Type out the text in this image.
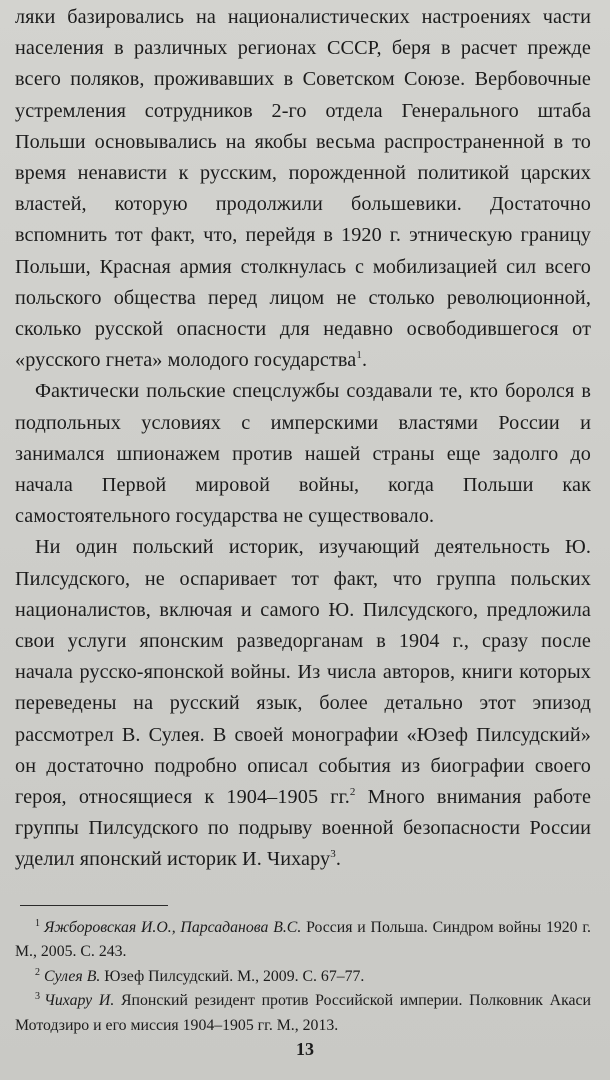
ляки базировались на националистических настроениях части населения в различных регионах СССР, беря в расчет прежде всего поляков, проживавших в Советском Союзе. Вербовочные устремления сотрудников 2-го отдела Генерального штаба Польши основывались на якобы весьма распространенной в то время ненависти к русским, порожденной политикой царских властей, которую продолжили большевики. Достаточно вспомнить тот факт, что, перейдя в 1920 г. этническую границу Польши, Красная армия столкнулась с мобилизацией сил всего польского общества перед лицом не столько революционной, сколько русской опасности для недавно освободившегося от «русского гнета» молодого государства$^1$.

Фактически польские спецслужбы создавали те, кто боролся в подпольных условиях с имперскими властями России и занимался шпионажем против нашей страны еще задолго до начала Первой мировой войны, когда Польши как самостоятельного государства не существовало.

Ни один польский историк, изучающий деятельность Ю. Пилсудского, не оспаривает тот факт, что группа польских националистов, включая и самого Ю. Пилсудского, предложила свои услуги японским разведорганам в 1904 г., сразу после начала русско-японской войны. Из числа авторов, книги которых переведены на русский язык, более детально этот эпизод рассмотрел В. Сулея. В своей монографии «Юзеф Пилсудский» он достаточно подробно описал события из биографии своего героя, относящиеся к 1904–1905 гг.$^2$ Много внимания работе группы Пилсудского по подрыву военной безопасности России уделил японский историк И. Чихару$^3$.

$^1$ Яжборовская И.О., Парсаданова В.С. Россия и Польша. Синдром войны 1920 г. М., 2005. С. 243.

$^2$ Сулея В. Юзеф Пилсудский. М., 2009. С. 67–77.

$^3$ Чихару И. Японский резидент против Российской империи. Полковник Акаси Мотодзиро и его миссия 1904–1905 гг. М., 2013.

13
